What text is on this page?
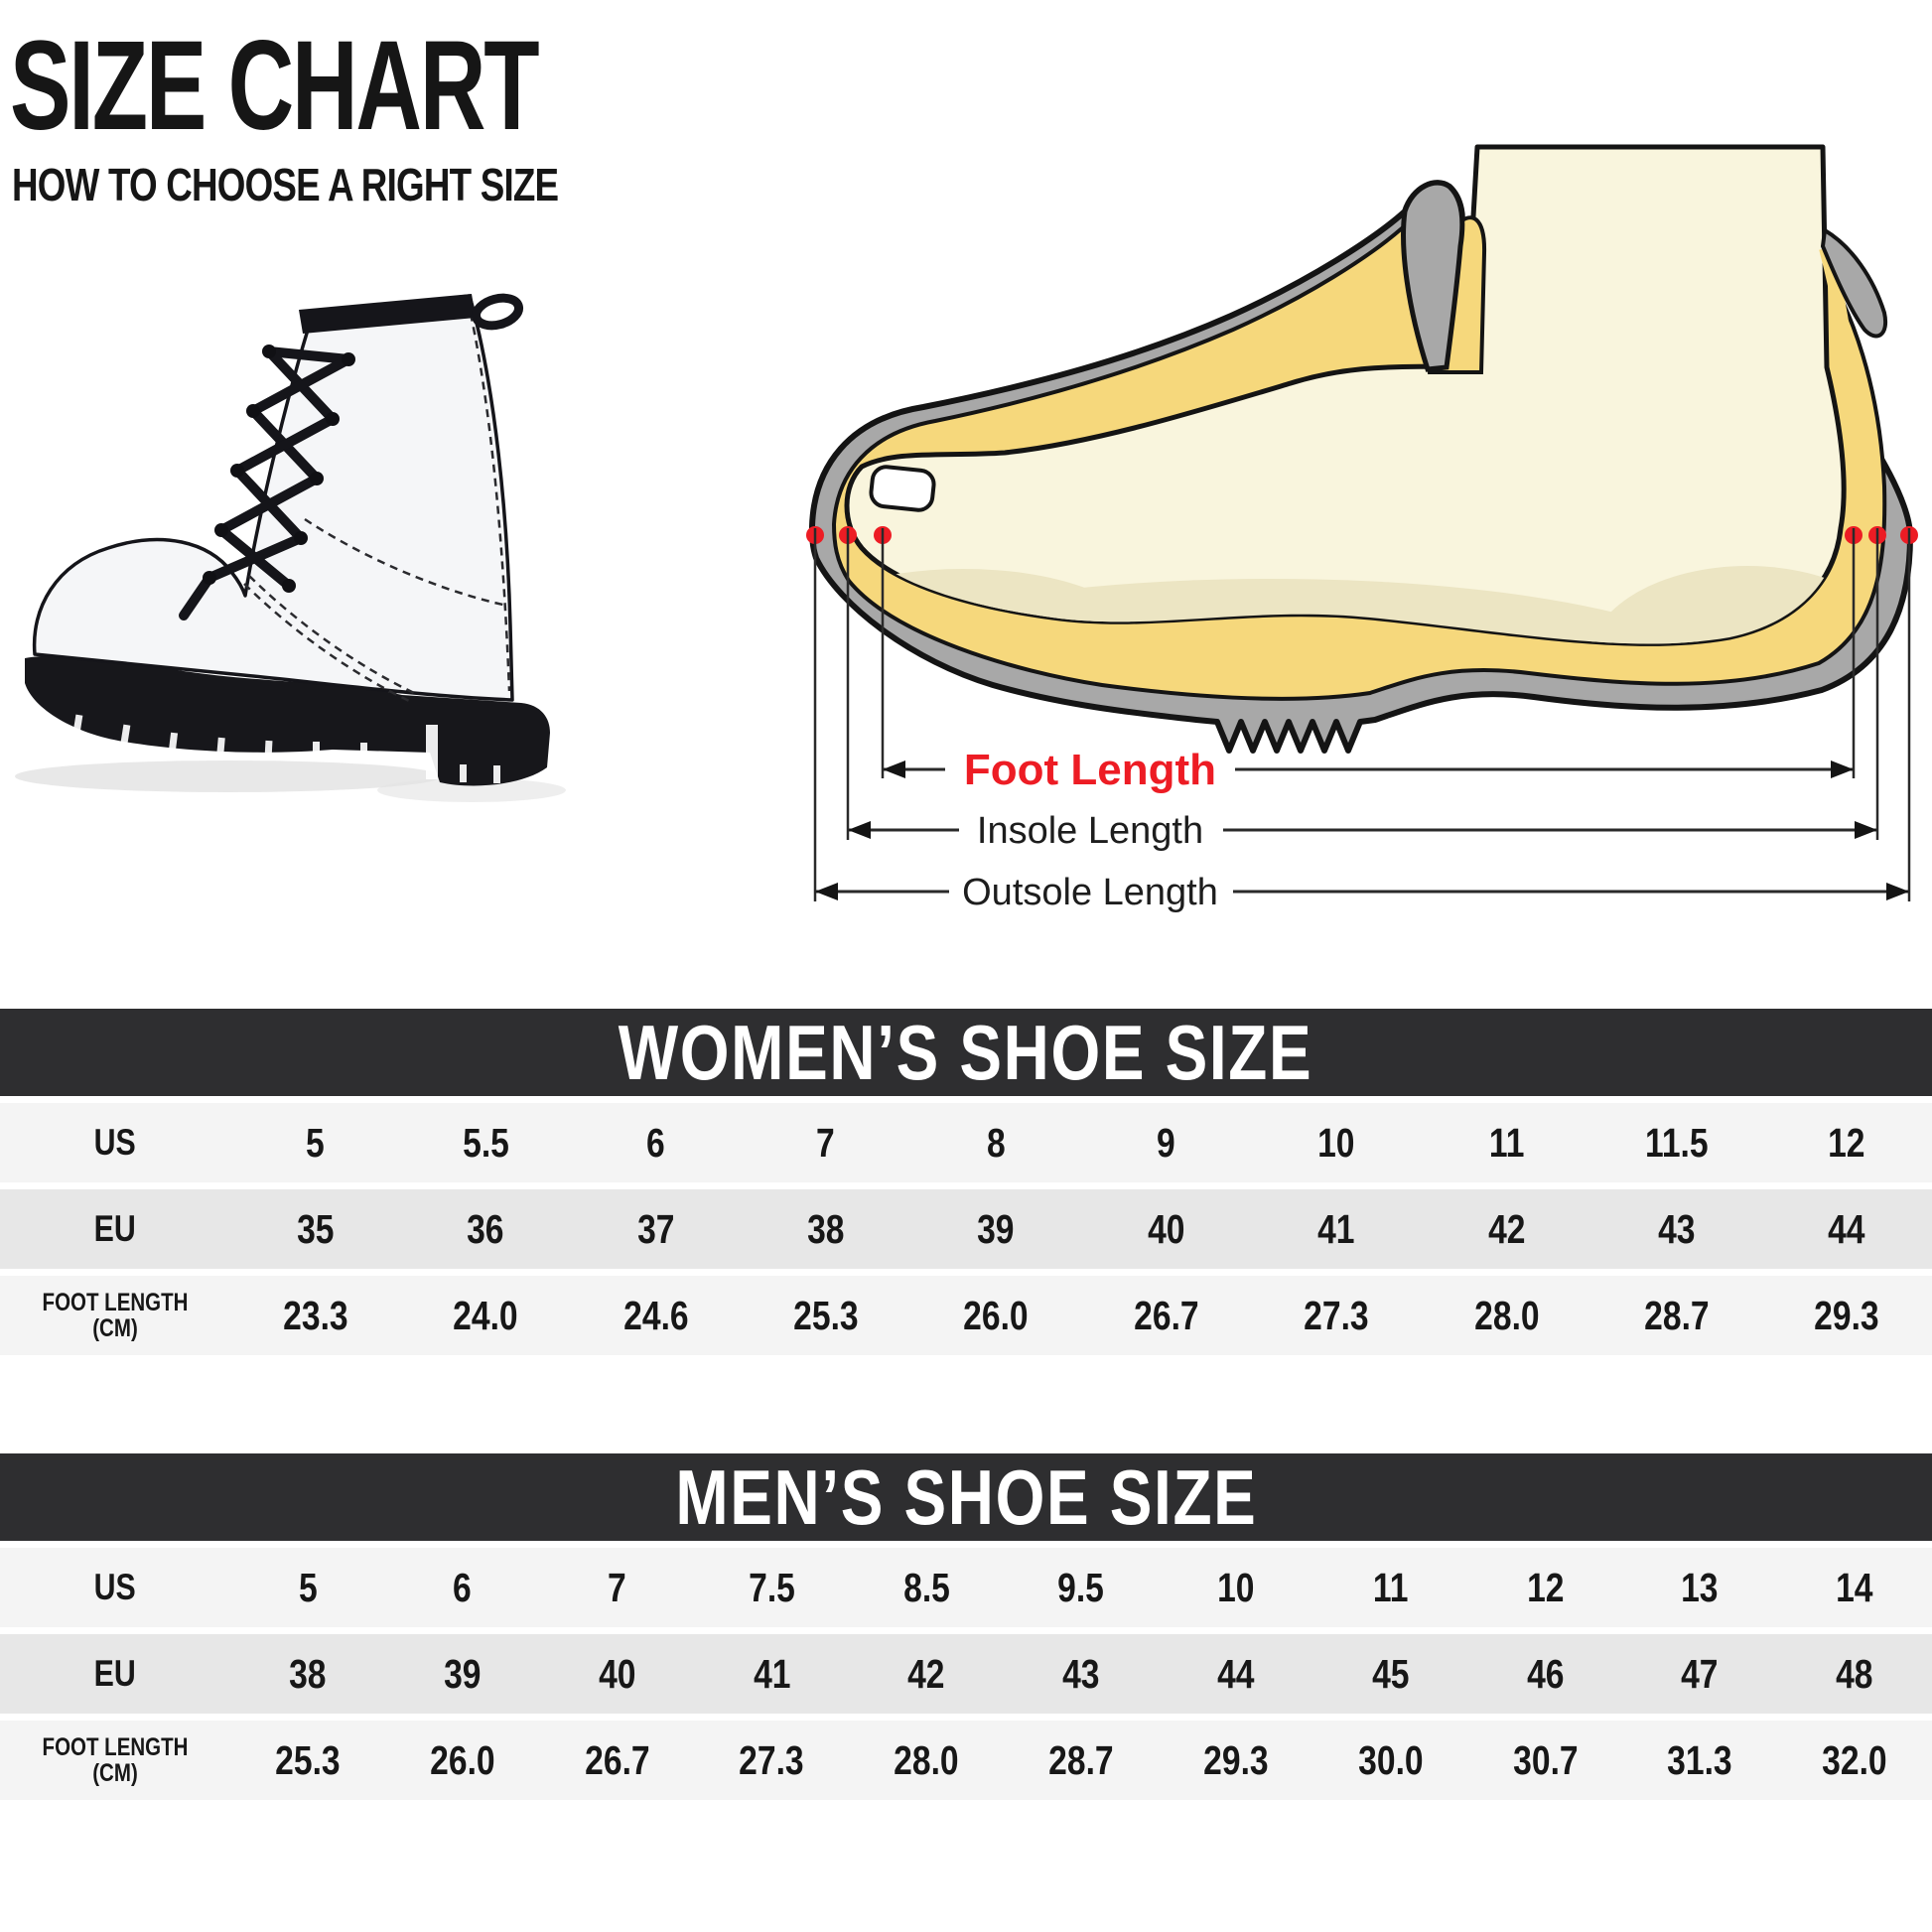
SIZE CHART
HOW TO CHOOSE A RIGHT SIZE
Foot Length
Insole Length
Outsole Length
WOMEN’S SHOE SIZE
US	5	5.5	6	7	8	9	10	11	11.5	12
EU	35	36	37	38	39	40	41	42	43	44
FOOT LENGTH (CM)	23.3	24.0	24.6	25.3	26.0	26.7	27.3	28.0	28.7	29.3
MEN’S SHOE SIZE
US	5	6	7	7.5	8.5	9.5	10	11	12	13	14
EU	38	39	40	41	42	43	44	45	46	47	48
FOOT LENGTH (CM)	25.3	26.0	26.7	27.3	28.0	28.7	29.3	30.0	30.7	31.3	32.0
